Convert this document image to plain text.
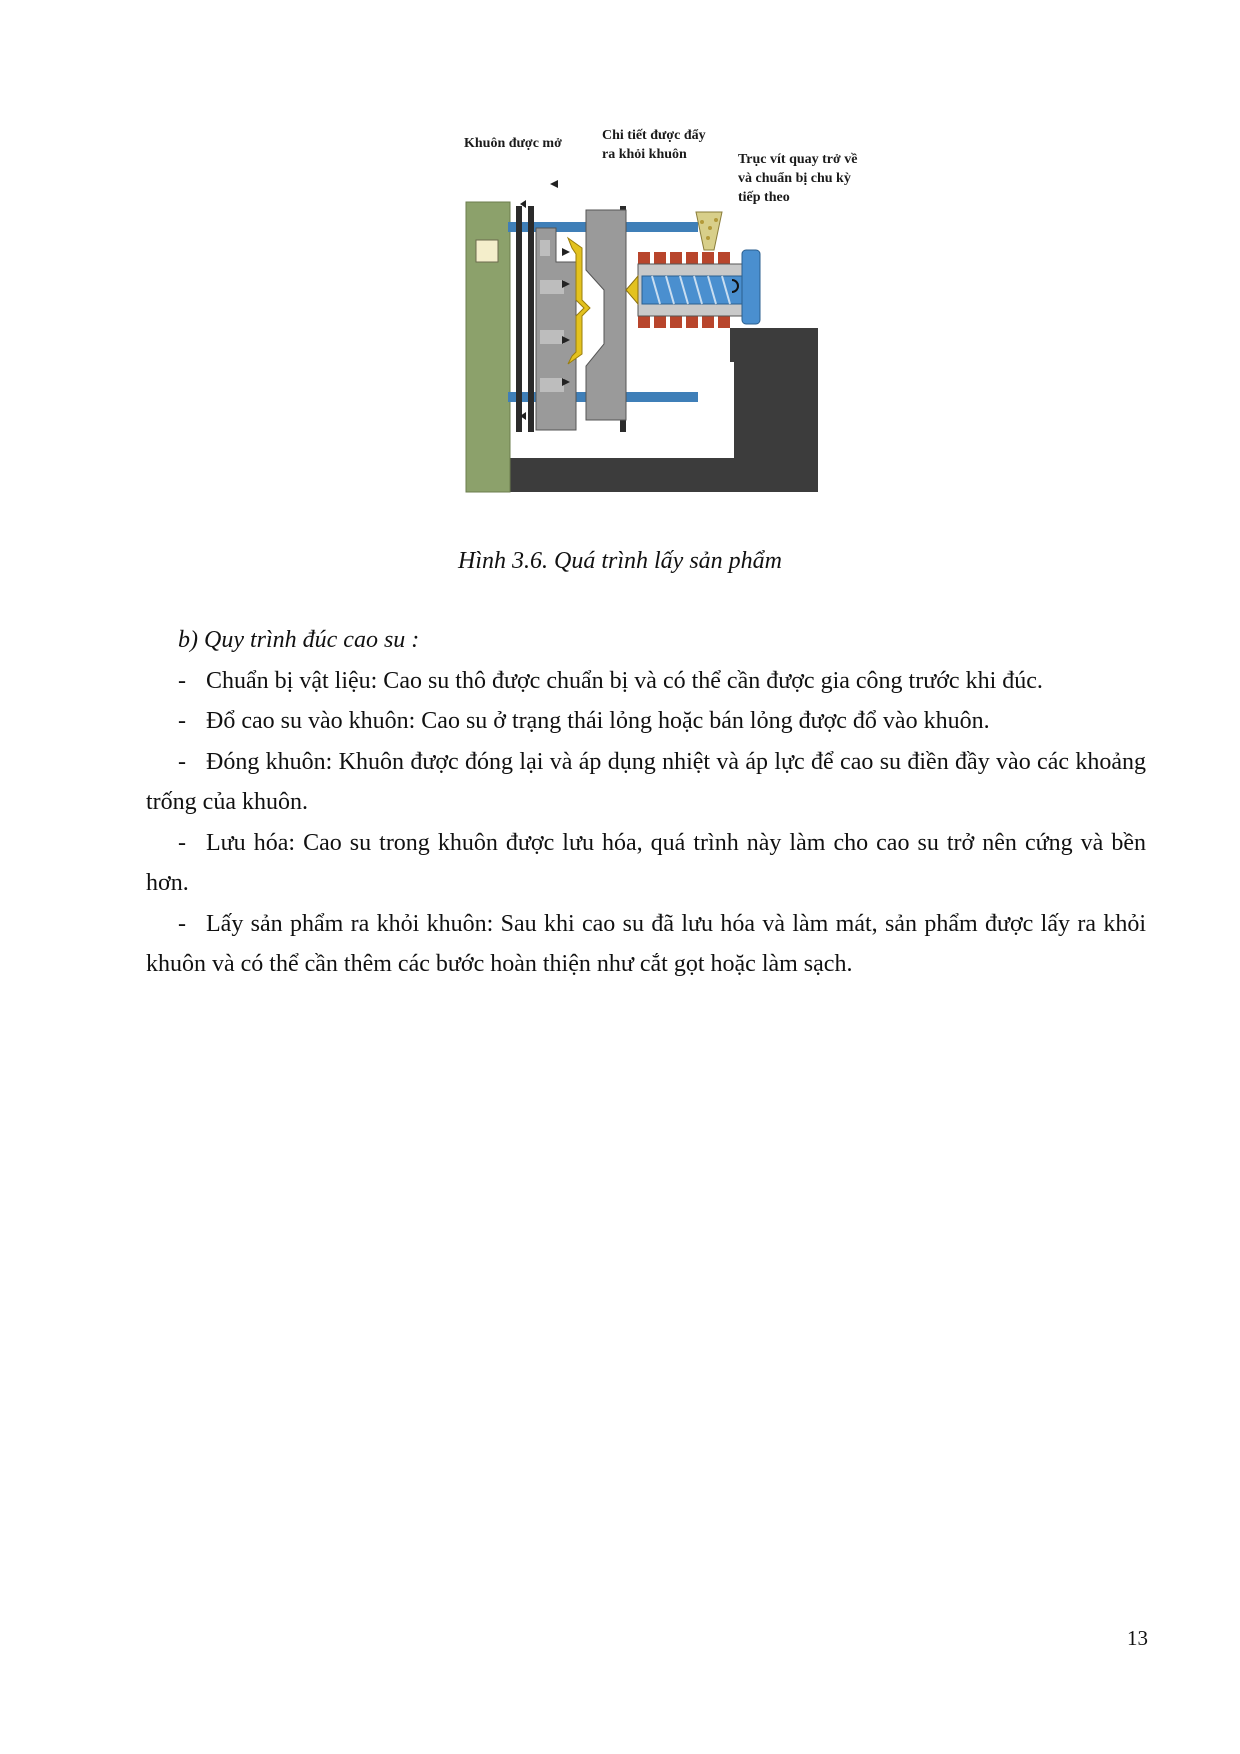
Khuôn được mở
Chi tiết được đẩy
ra khỏi khuôn	Trục vít quay trở về
và chuẩn bị chu kỳ
tiếp theo
Hình 3.6. Quá trình lấy sản phẩm

b) Quy trình đúc cao su :

- Chuẩn bị vật liệu: Cao su thô được chuẩn bị và có thể cần được gia công trước khi đúc.

- Đổ cao su vào khuôn: Cao su ở trạng thái lỏng hoặc bán lỏng được đổ vào khuôn.

- Đóng khuôn: Khuôn được đóng lại và áp dụng nhiệt và áp lực để cao su điền đầy vào các khoảng trống của khuôn.

- Lưu hóa: Cao su trong khuôn được lưu hóa, quá trình này làm cho cao su trở nên cứng và bền hơn.

- Lấy sản phẩm ra khỏi khuôn: Sau khi cao su đã lưu hóa và làm mát, sản phẩm được lấy ra khỏi khuôn và có thể cần thêm các bước hoàn thiện như cắt gọt hoặc làm sạch.

13
